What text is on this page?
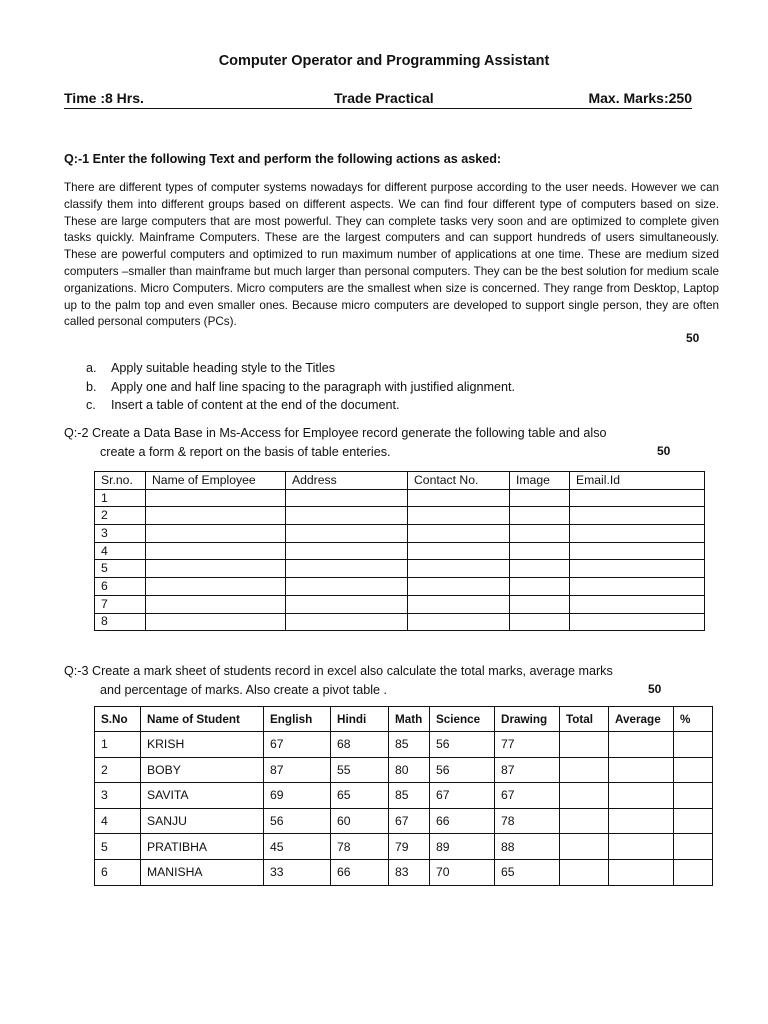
Computer Operator and Programming Assistant
Time :8 Hrs.	Trade Practical	Max. Marks:250
Q:-1 Enter the following Text and perform the following actions as asked:

There are different types of computer systems nowadays for different purpose according to the user needs. However we can classify them into different groups based on different aspects. We can find four different type of computers based on size. These are large computers that are most powerful. They can complete tasks very soon and are optimized to complete given tasks quickly. Mainframe Computers. These are the largest computers and can support hundreds of users simultaneously. These are powerful computers and optimized to run maximum number of applications at one time. These are medium sized computers –smaller than mainframe but much larger than personal computers. They can be the best solution for medium scale organizations. Micro Computers. Micro computers are the smallest when size is concerned. They range from Desktop, Laptop up to the palm top and even smaller ones. Because micro computers are developed to support single person, they are often called personal computers (PCs).

50
a. Apply suitable heading style to the Titles
b. Apply one and half line spacing to the paragraph with justified alignment.
c. Insert a table of content at the end of the document.

Q:-2 Create a Data Base in Ms-Access for Employee record generate the following table and also
create a form & report on the basis of table enteries.	50
Sr.no.	Name of Employee	Address	Contact No.	Image	Email.Id
1					
2					
3					
4					
5					
6					
7					
8					

Q:-3 Create a mark sheet of students record in excel also calculate the total marks, average marks
and percentage of marks. Also create a pivot table .	50
S.No	Name of Student	English	Hindi	Math	Science	Drawing	Total	Average	%
1	KRISH	67	68	85	56	77			
2	BOBY	87	55	80	56	87			
3	SAVITA	69	65	85	67	67			
4	SANJU	56	60	67	66	78			
5	PRATIBHA	45	78	79	89	88			
6	MANISHA	33	66	83	70	65			
